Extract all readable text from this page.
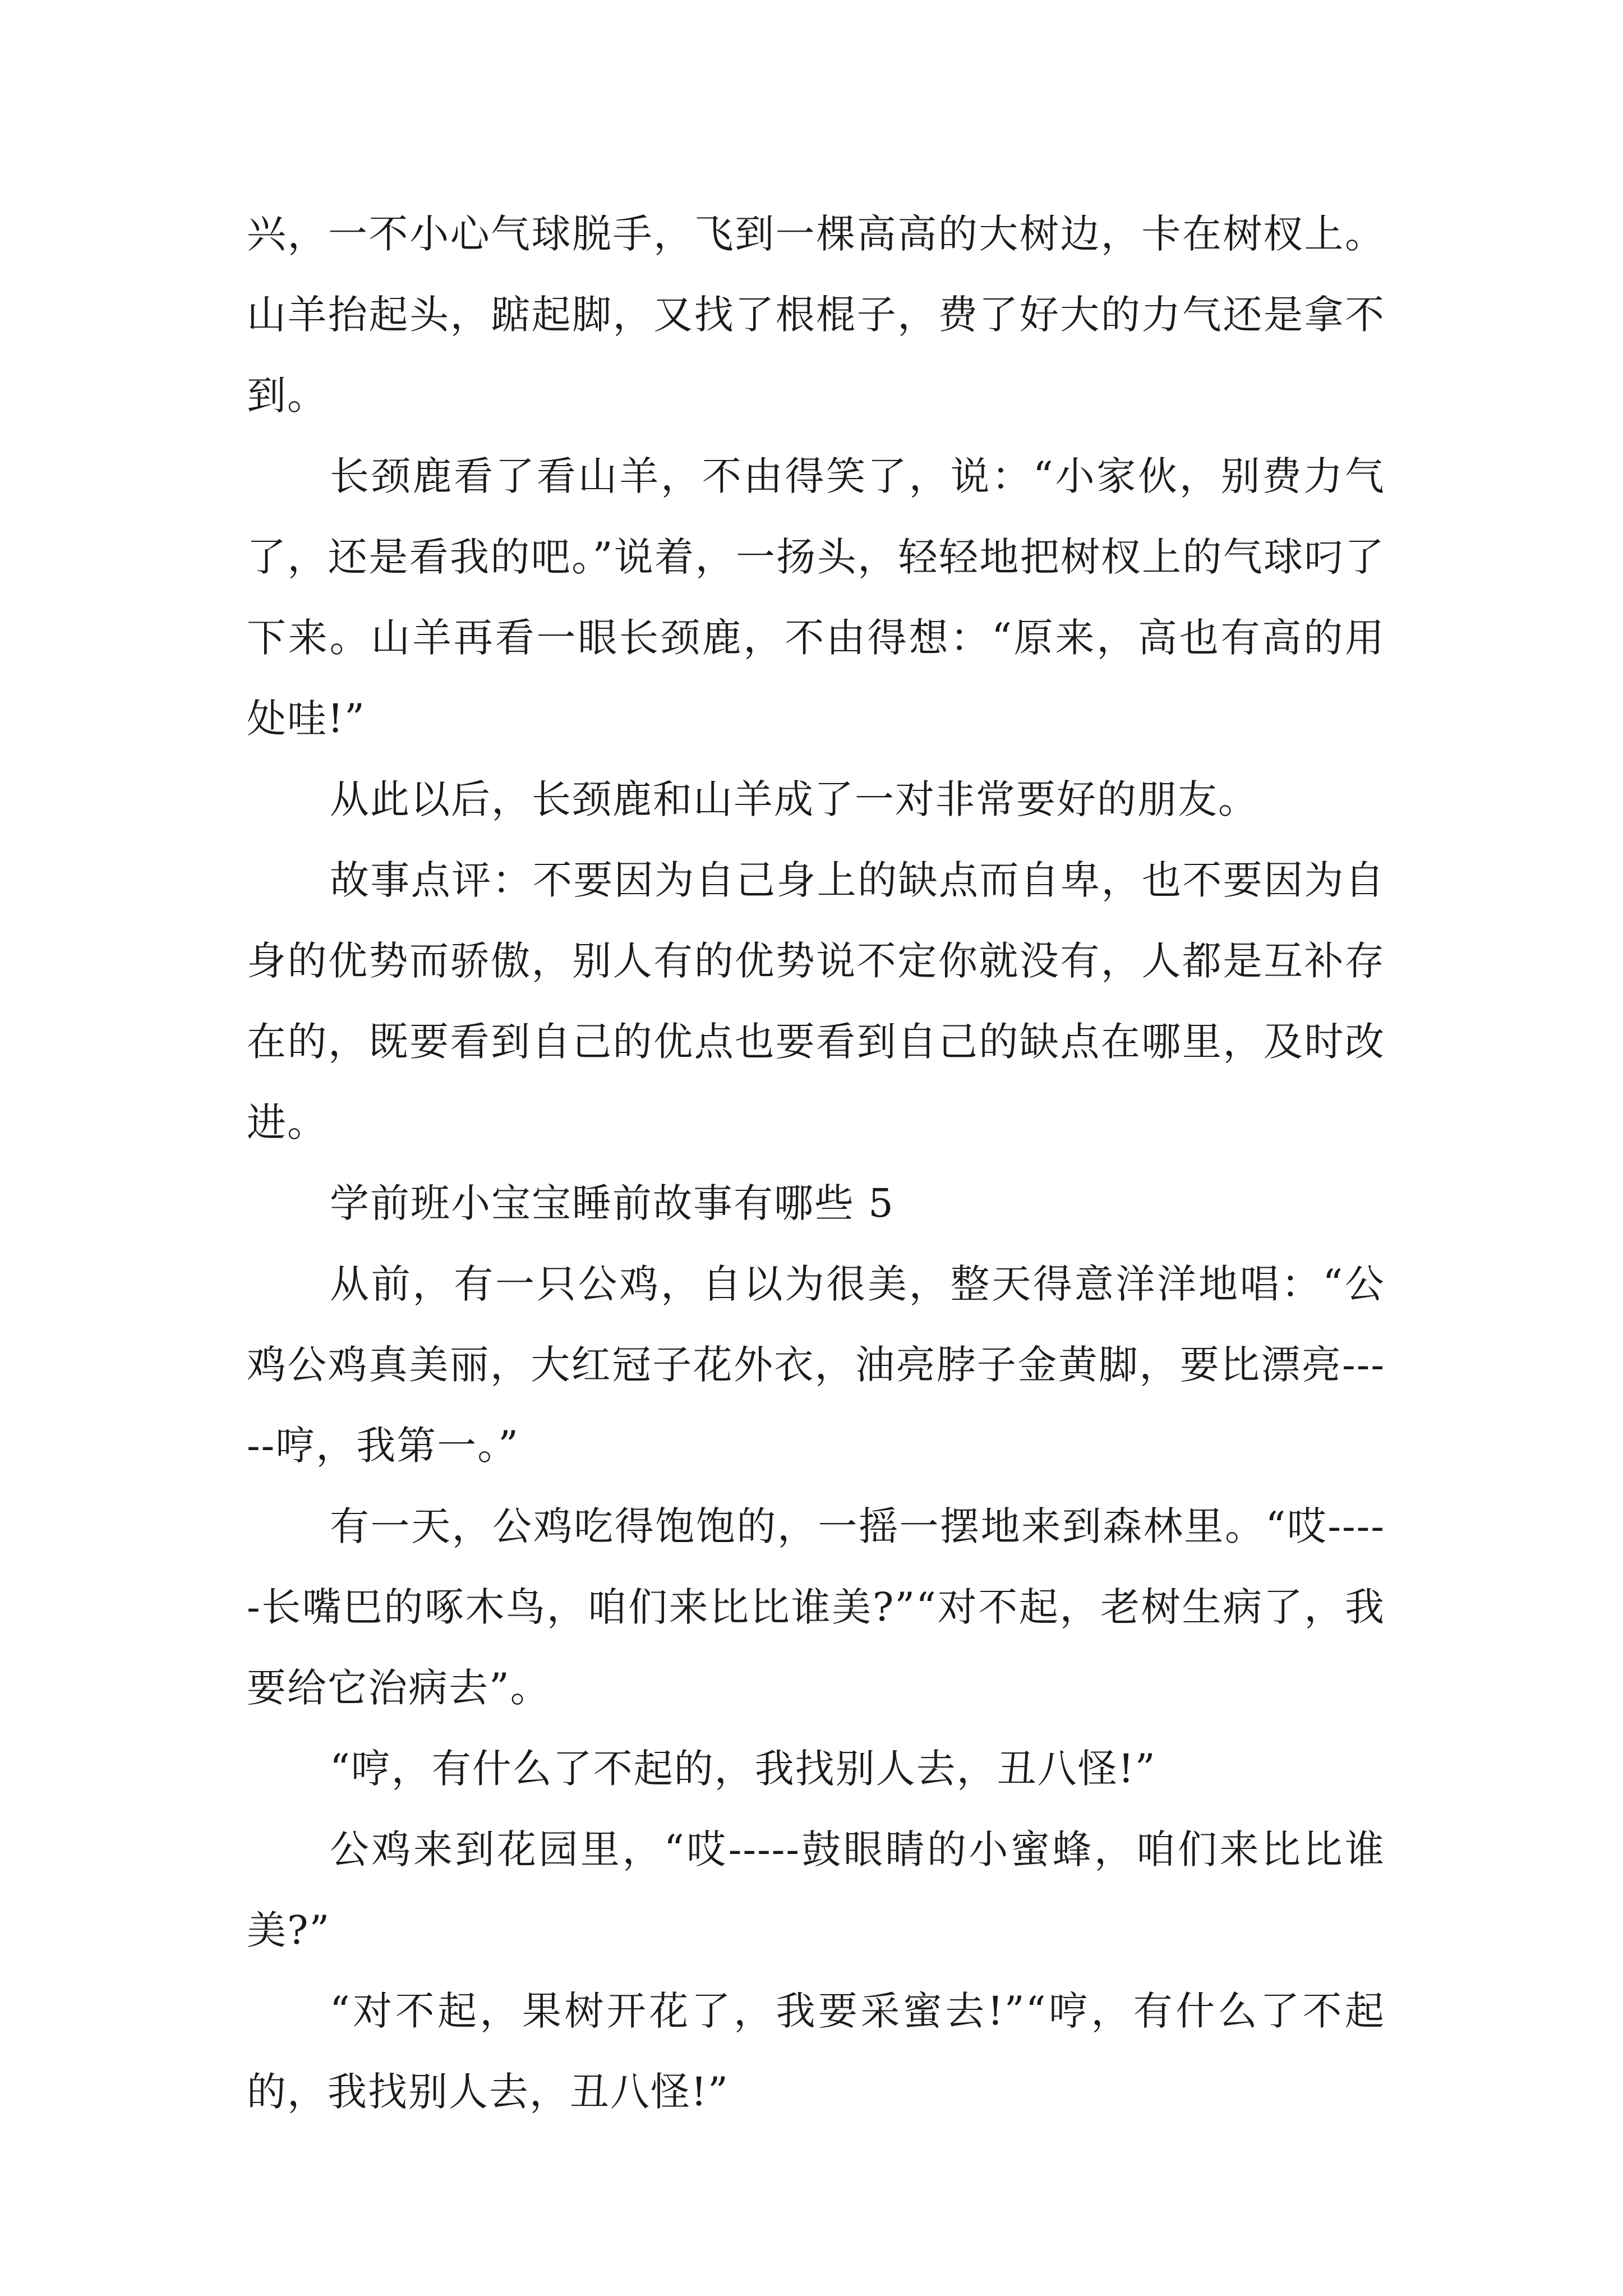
兴，一不小心气球脱手，飞到一棵高高的大树边，卡在树杈上。山羊抬起头，踮起脚，又找了根棍子，费了好大的力气还是拿不到。

长颈鹿看了看山羊，不由得笑了，说：“小家伙，别费力气了，还是看我的吧。”说着，一扬头，轻轻地把树杈上的气球叼了下来。山羊再看一眼长颈鹿，不由得想：“原来，高也有高的用处哇!”

从此以后，长颈鹿和山羊成了一对非常要好的朋友。

故事点评：不要因为自己身上的缺点而自卑，也不要因为自身的优势而骄傲，别人有的优势说不定你就没有，人都是互补存在的，既要看到自己的优点也要看到自己的缺点在哪里，及时改进。

学前班小宝宝睡前故事有哪些 5

从前，有一只公鸡，自以为很美，整天得意洋洋地唱：“公鸡公鸡真美丽，大红冠子花外衣，油亮脖子金黄脚，要比漂亮-----哼，我第一。”

有一天，公鸡吃得饱饱的，一摇一摆地来到森林里。“哎-----长嘴巴的啄木鸟，咱们来比比谁美?”“对不起，老树生病了，我要给它治病去”。

“哼，有什么了不起的，我找别人去，丑八怪!”

公鸡来到花园里，“哎-----鼓眼睛的小蜜蜂，咱们来比比谁美?”

“对不起，果树开花了，我要采蜜去!”“哼，有什么了不起的，我找别人去，丑八怪!”
